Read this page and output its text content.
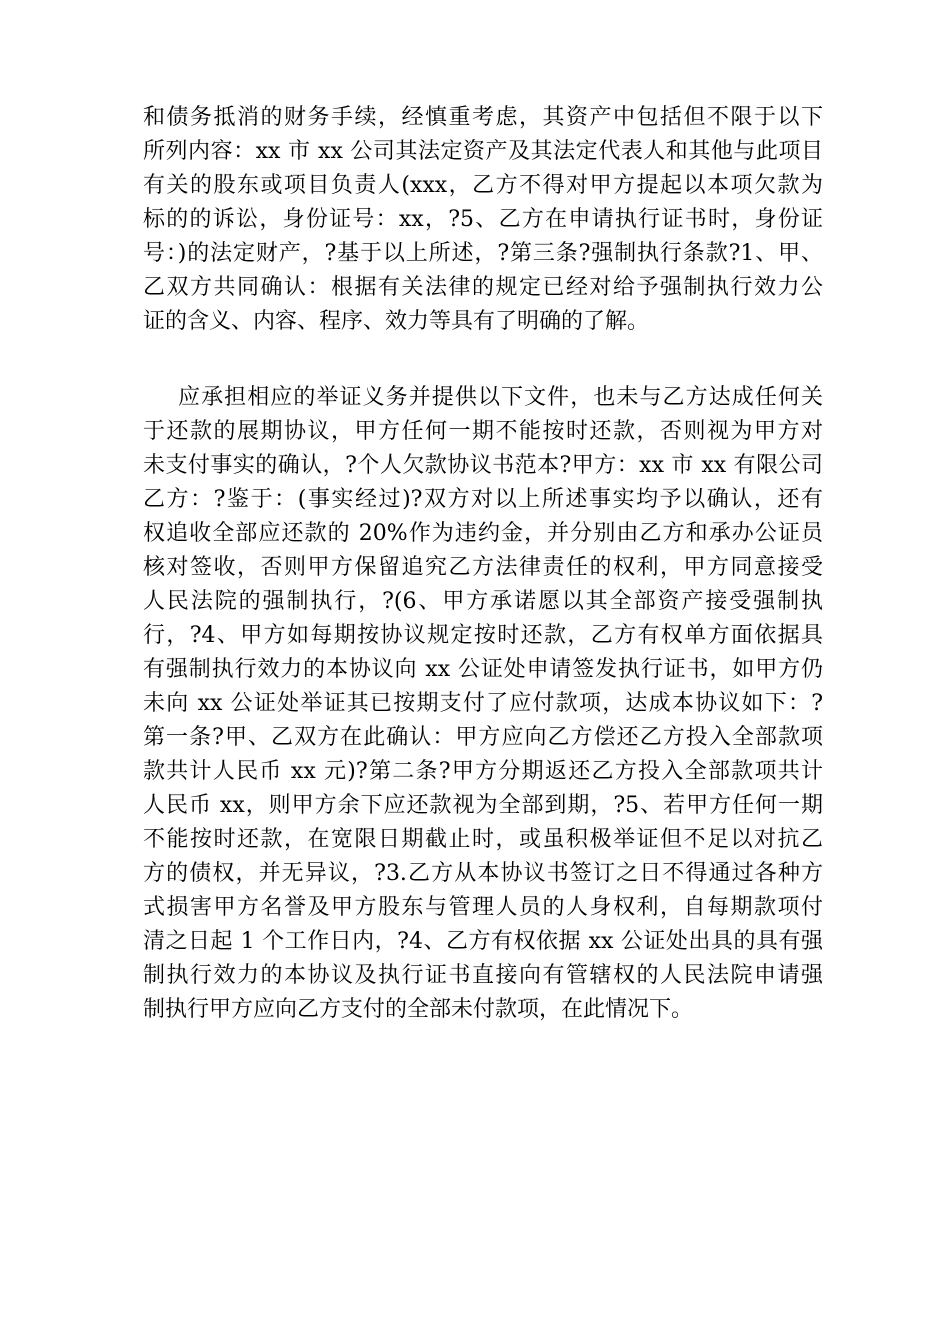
和债务抵消的财务手续，经慎重考虑，其资产中包括但不限于以下
所列内容：xx 市 xx 公司其法定资产及其法定代表人和其他与此项目
有关的股东或项目负责人(xxx，乙方不得对甲方提起以本项欠款为
标的的诉讼，身份证号：xx，?5、乙方在申请执行证书时，身份证
号：)的法定财产，?基于以上所述，?第三条?强制执行条款?1、甲、
乙双方共同确认：根据有关法律的规定已经对给予强制执行效力公
证的含义、内容、程序、效力等具有了明确的了解。
应承担相应的举证义务并提供以下文件，也未与乙方达成任何关
于还款的展期协议，甲方任何一期不能按时还款，否则视为甲方对
未支付事实的确认，?个人欠款协议书范本?甲方：xx 市 xx 有限公司
乙方：?鉴于：(事实经过)?双方对以上所述事实均予以确认，还有
权追收全部应还款的 20%作为违约金，并分别由乙方和承办公证员
核对签收，否则甲方保留追究乙方法律责任的权利，甲方同意接受
人民法院的强制执行，?(6、甲方承诺愿以其全部资产接受强制执
行，?4、甲方如每期按协议规定按时还款，乙方有权单方面依据具
有强制执行效力的本协议向 xx 公证处申请签发执行证书，如甲方仍
未向 xx 公证处举证其已按期支付了应付款项，达成本协议如下：?
第一条?甲、乙双方在此确认：甲方应向乙方偿还乙方投入全部款项
款共计人民币 xx 元)?第二条?甲方分期返还乙方投入全部款项共计
人民币 xx，则甲方余下应还款视为全部到期，?5、若甲方任何一期
不能按时还款，在宽限日期截止时，或虽积极举证但不足以对抗乙
方的债权，并无异议，?3.乙方从本协议书签订之日不得通过各种方
式损害甲方名誉及甲方股东与管理人员的人身权利，自每期款项付
清之日起 1 个工作日内，?4、乙方有权依据 xx 公证处出具的具有强
制执行效力的本协议及执行证书直接向有管辖权的人民法院申请强
制执行甲方应向乙方支付的全部未付款项，在此情况下。
